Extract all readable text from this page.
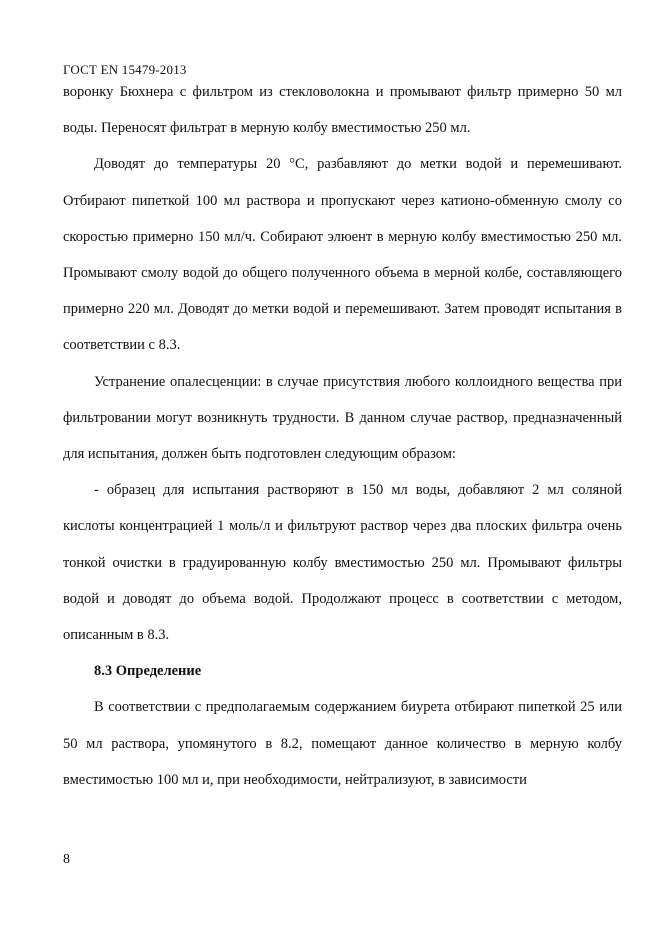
ГОСТ EN 15479-2013

воронку Бюхнера с фильтром из стекловолокна и промывают фильтр примерно 50 мл воды. Переносят фильтрат в мерную колбу вместимостью 250 мл.

Доводят до температуры 20 °С, разбавляют до метки водой и перемешивают. Отбирают пипеткой 100 мл раствора и пропускают через катионо-обменную смолу со скоростью примерно 150 мл/ч. Собирают элюент в мерную колбу вместимостью 250 мл. Промывают смолу водой до общего полученного объема в мерной колбе, составляющего примерно 220 мл. Доводят до метки водой и перемешивают. Затем проводят испытания в соответствии с 8.3.

Устранение опалесценции: в случае присутствия любого коллоидного вещества при фильтровании могут возникнуть трудности. В данном случае раствор, предназначенный для испытания, должен быть подготовлен следующим образом:

- образец для испытания растворяют в 150 мл воды, добавляют 2 мл соляной кислоты концентрацией 1 моль/л и фильтруют раствор через два плоских фильтра очень тонкой очистки в градуированную колбу вместимостью 250 мл. Промывают фильтры водой и доводят до объема водой. Продолжают процесс в соответствии с методом, описанным в 8.3.

8.3 Определение

В соответствии с предполагаемым содержанием биурета отбирают пипеткой 25 или 50 мл раствора, упомянутого в 8.2, помещают данное количество в мерную колбу вместимостью 100 мл и, при необходимости, нейтрализуют, в зависимости

8
